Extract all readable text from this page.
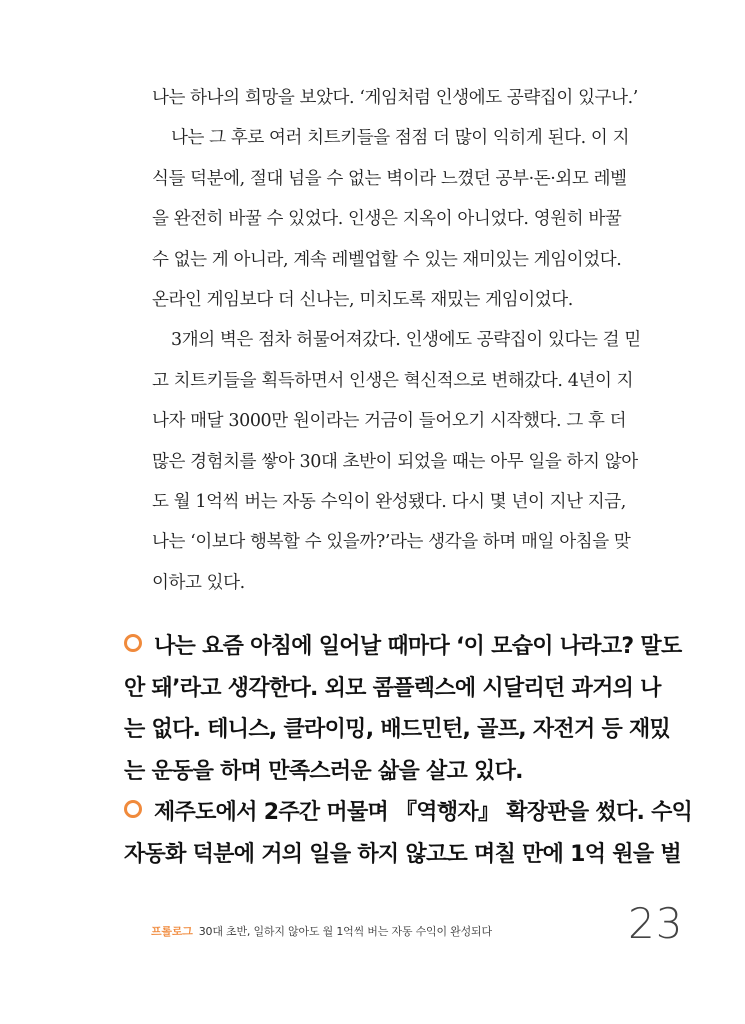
나는 하나의 희망을 보았다. ‘게임처럼 인생에도 공략집이 있구나.’
나는 그 후로 여러 치트키들을 점점 더 많이 익히게 된다. 이 지
식들 덕분에, 절대 넘을 수 없는 벽이라 느꼈던 공부·돈·외모 레벨
을 완전히 바꿀 수 있었다. 인생은 지옥이 아니었다. 영원히 바꿀
수 없는 게 아니라, 계속 레벨업할 수 있는 재미있는 게임이었다.
온라인 게임보다 더 신나는, 미치도록 재밌는 게임이었다.
3개의 벽은 점차 허물어져갔다. 인생에도 공략집이 있다는 걸 믿
고 치트키들을 획득하면서 인생은 혁신적으로 변해갔다. 4년이 지
나자 매달 3000만 원이라는 거금이 들어오기 시작했다. 그 후 더
많은 경험치를 쌓아 30대 초반이 되었을 때는 아무 일을 하지 않아
도 월 1억씩 버는 자동 수익이 완성됐다. 다시 몇 년이 지난 지금,
나는 ‘이보다 행복할 수 있을까?’라는 생각을 하며 매일 아침을 맞
이하고 있다.
나는 요즘 아침에 일어날 때마다 ‘이 모습이 나라고? 말도
안 돼’라고 생각한다. 외모 콤플렉스에 시달리던 과거의 나
는 없다. 테니스, 클라이밍, 배드민턴, 골프, 자전거 등 재밌
는 운동을 하며 만족스러운 삶을 살고 있다.
제주도에서 2주간 머물며 『역행자』 확장판을 썼다. 수익
자동화 덕분에 거의 일을 하지 않고도 며칠 만에 1억 원을 벌
프롤로그 30대 초반, 일하지 않아도 월 1억씩 버는 자동 수익이 완성되다	23
